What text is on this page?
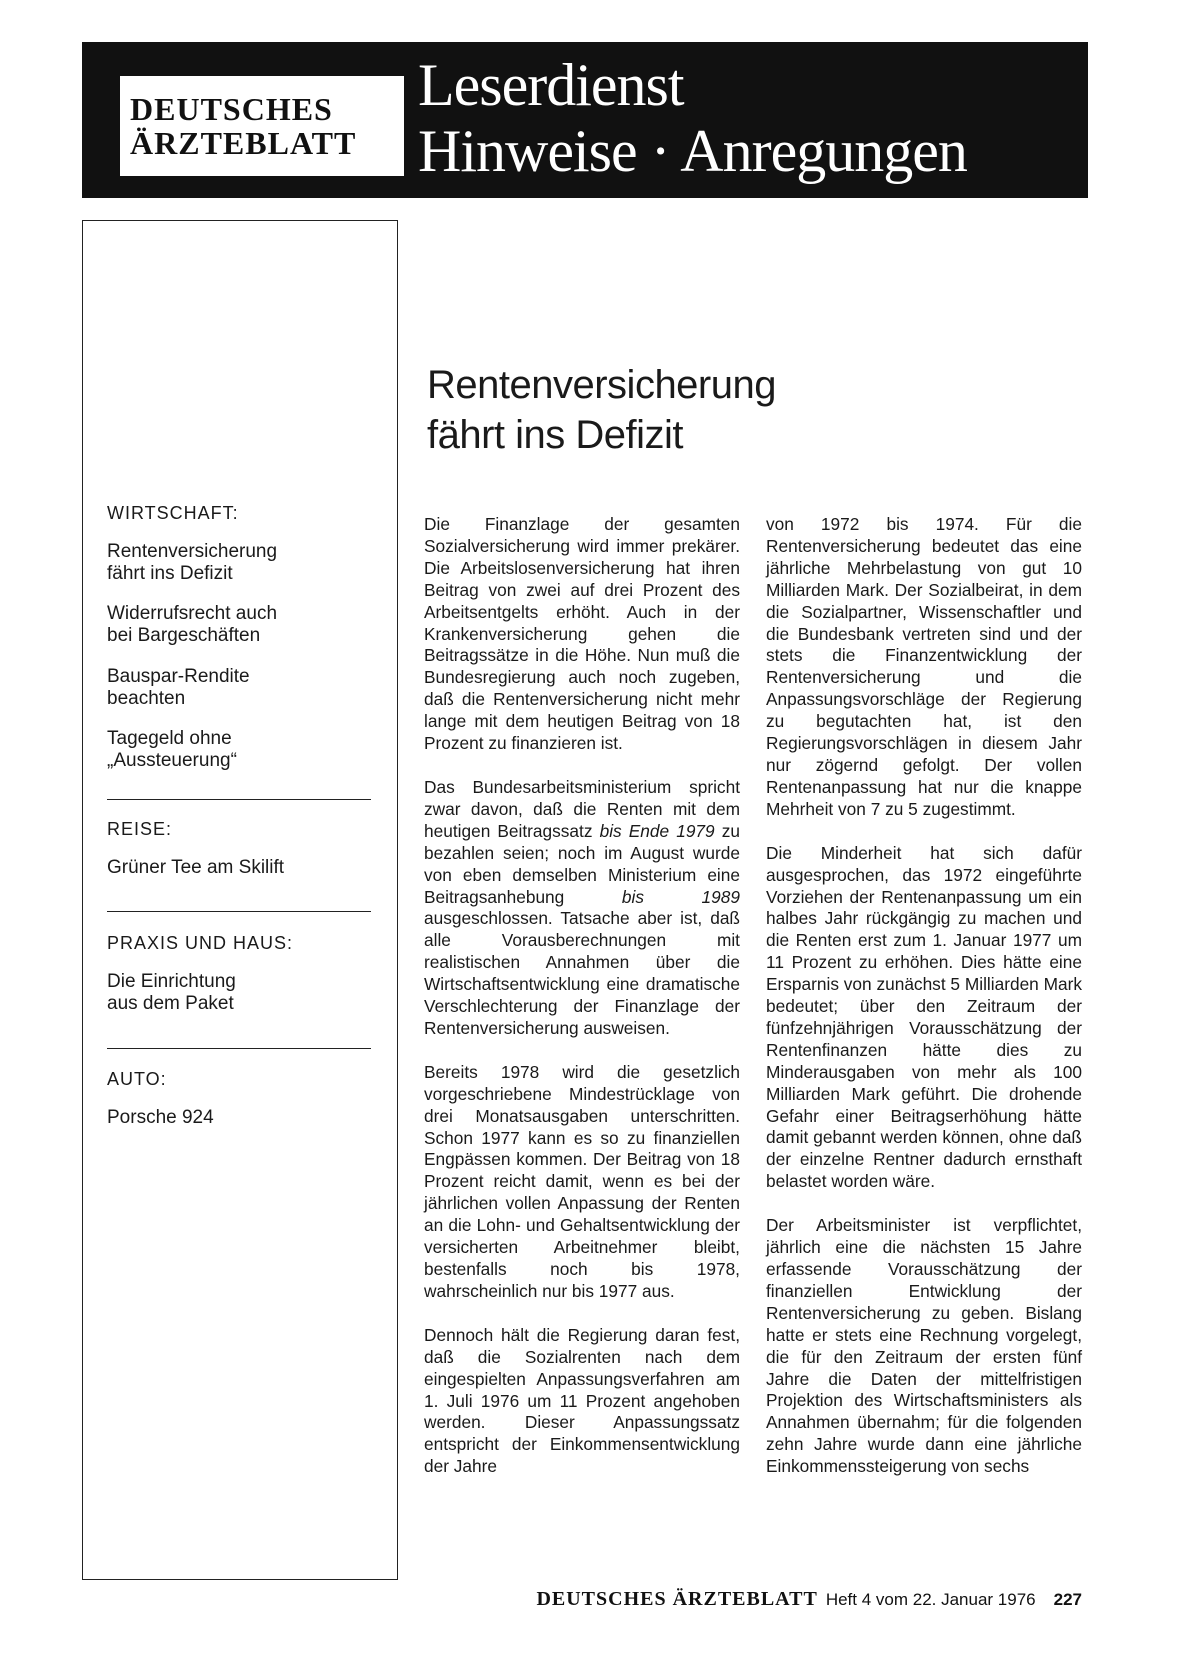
DEUTSCHES
ÄRZTEBLATT
Leserdienst
Hinweise · Anregungen
WIRTSCHAFT:
Rentenversicherung
fährt ins Defizit
Widerrufsrecht auch
bei Bargeschäften
Bauspar-Rendite
beachten
Tagegeld ohne
„Aussteuerung“
REISE:
Grüner Tee am Skilift
PRAXIS UND HAUS:
Die Einrichtung
aus dem Paket
AUTO:
Porsche 924
Rentenversicherung
fährt ins Defizit

Die Finanzlage der gesamten Sozialversicherung wird immer prekärer. Die Arbeitslosenversicherung hat ihren Beitrag von zwei auf drei Prozent des Arbeitsentgelts erhöht. Auch in der Krankenversicherung gehen die Beitragssätze in die Höhe. Nun muß die Bundesregierung auch noch zugeben, daß die Rentenversicherung nicht mehr lange mit dem heutigen Beitrag von 18 Prozent zu finanzieren ist.

Das Bundesarbeitsministerium spricht zwar davon, daß die Renten mit dem heutigen Beitragssatz bis Ende 1979 zu bezahlen seien; noch im August wurde von eben demselben Ministerium eine Beitragsanhebung bis 1989 ausgeschlossen. Tatsache aber ist, daß alle Vorausberechnungen mit realistischen Annahmen über die Wirtschaftsentwicklung eine dramatische Verschlechterung der Finanzlage der Rentenversicherung ausweisen.

Bereits 1978 wird die gesetzlich vorgeschriebene Mindestrücklage von drei Monatsausgaben unterschritten. Schon 1977 kann es so zu finanziellen Engpässen kommen. Der Beitrag von 18 Prozent reicht damit, wenn es bei der jährlichen vollen Anpassung der Renten an die Lohn- und Gehaltsentwicklung der versicherten Arbeitnehmer bleibt, bestenfalls noch bis 1978, wahrscheinlich nur bis 1977 aus.

Dennoch hält die Regierung daran fest, daß die Sozialrenten nach dem eingespielten Anpassungsverfahren am 1. Juli 1976 um 11 Prozent angehoben werden. Dieser Anpassungssatz entspricht der Einkommensentwicklung der Jahre

von 1972 bis 1974. Für die Rentenversicherung bedeutet das eine jährliche Mehrbelastung von gut 10 Milliarden Mark. Der Sozialbeirat, in dem die Sozialpartner, Wissenschaftler und die Bundesbank vertreten sind und der stets die Finanzentwicklung der Rentenversicherung und die Anpassungsvorschläge der Regierung zu begutachten hat, ist den Regierungsvorschlägen in diesem Jahr nur zögernd gefolgt. Der vollen Rentenanpassung hat nur die knappe Mehrheit von 7 zu 5 zugestimmt.

Die Minderheit hat sich dafür ausgesprochen, das 1972 eingeführte Vorziehen der Rentenanpassung um ein halbes Jahr rückgängig zu machen und die Renten erst zum 1. Januar 1977 um 11 Prozent zu erhöhen. Dies hätte eine Ersparnis von zunächst 5 Milliarden Mark bedeutet; über den Zeitraum der fünfzehnjährigen Vorausschätzung der Rentenfinanzen hätte dies zu Minderausgaben von mehr als 100 Milliarden Mark geführt. Die drohende Gefahr einer Beitragserhöhung hätte damit gebannt werden können, ohne daß der einzelne Rentner dadurch ernsthaft belastet worden wäre.

Der Arbeitsminister ist verpflichtet, jährlich eine die nächsten 15 Jahre erfassende Vorausschätzung der finanziellen Entwicklung der Rentenversicherung zu geben. Bislang hatte er stets eine Rechnung vorgelegt, die für den Zeitraum der ersten fünf Jahre die Daten der mittelfristigen Projektion des Wirtschaftsministers als Annahmen übernahm; für die folgenden zehn Jahre wurde dann eine jährliche Einkommenssteigerung von sechs

DEUTSCHES ÄRZTEBLATT Heft 4 vom 22. Januar 1976 227
